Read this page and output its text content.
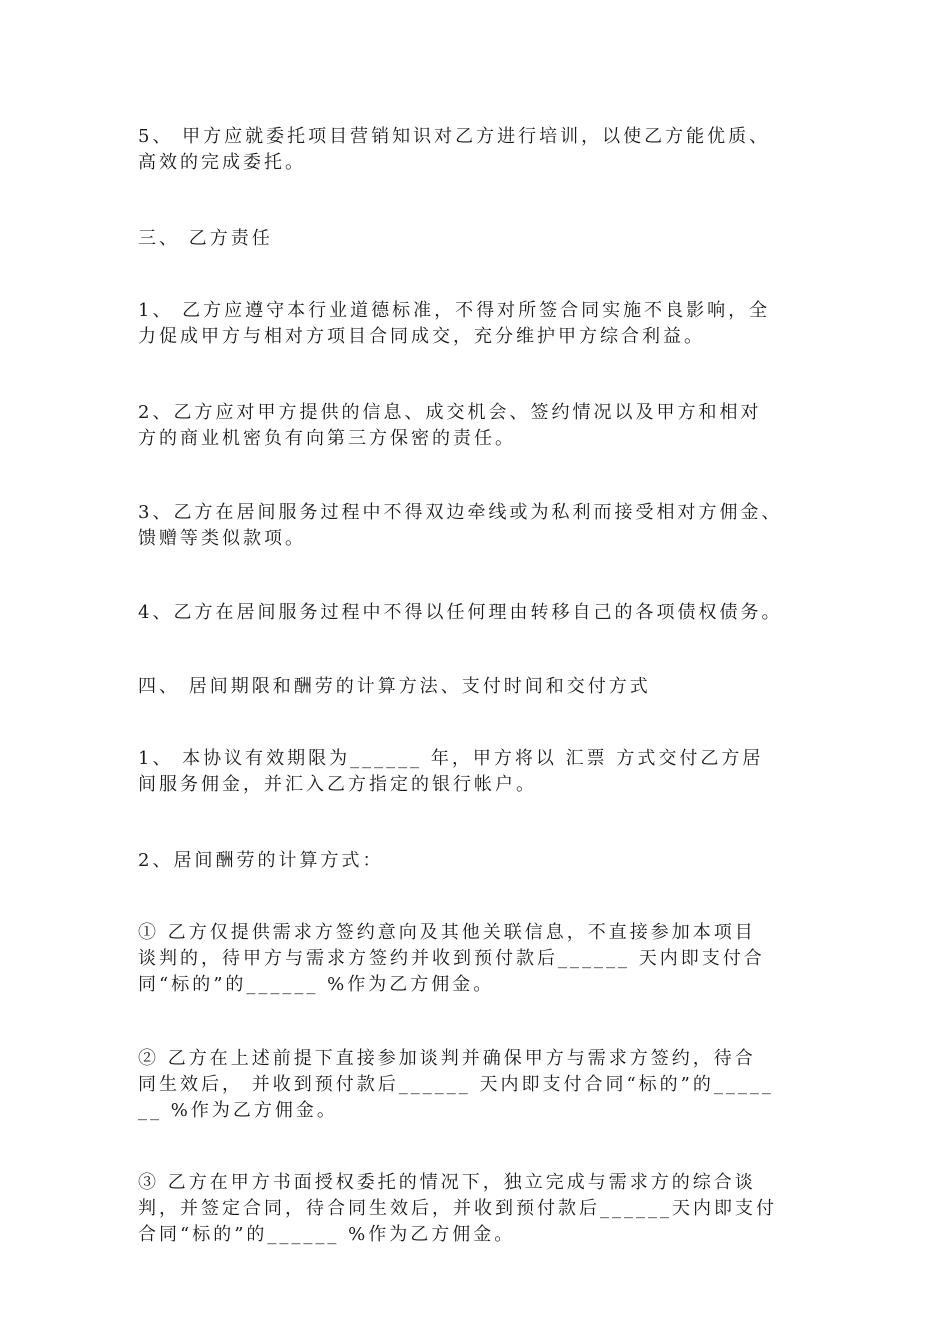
5、 甲方应就委托项目营销知识对乙方进行培训，以使乙方能优质、
高效的完成委托。
三、 乙方责任
1、 乙方应遵守本行业道德标准，不得对所签合同实施不良影响，全
力促成甲方与相对方项目合同成交，充分维护甲方综合利益。
2、乙方应对甲方提供的信息、成交机会、签约情况以及甲方和相对
方的商业机密负有向第三方保密的责任。
3、乙方在居间服务过程中不得双边牵线或为私利而接受相对方佣金、
馈赠等类似款项。
4、乙方在居间服务过程中不得以任何理由转移自己的各项债权债务。
四、 居间期限和酬劳的计算方法、支付时间和交付方式
1、 本协议有效期限为______ 年，甲方将以 汇票 方式交付乙方居
间服务佣金，并汇入乙方指定的银行帐户。
2、居间酬劳的计算方式：
① 乙方仅提供需求方签约意向及其他关联信息，不直接参加本项目
谈判的，待甲方与需求方签约并收到预付款后______ 天内即支付合
同“标的”的______ %作为乙方佣金。
② 乙方在上述前提下直接参加谈判并确保甲方与需求方签约，待合
同生效后， 并收到预付款后______ 天内即支付合同“标的”的_____
__ %作为乙方佣金。
③ 乙方在甲方书面授权委托的情况下，独立完成与需求方的综合谈
判，并签定合同，待合同生效后，并收到预付款后______天内即支付
合同“标的”的______ %作为乙方佣金。
